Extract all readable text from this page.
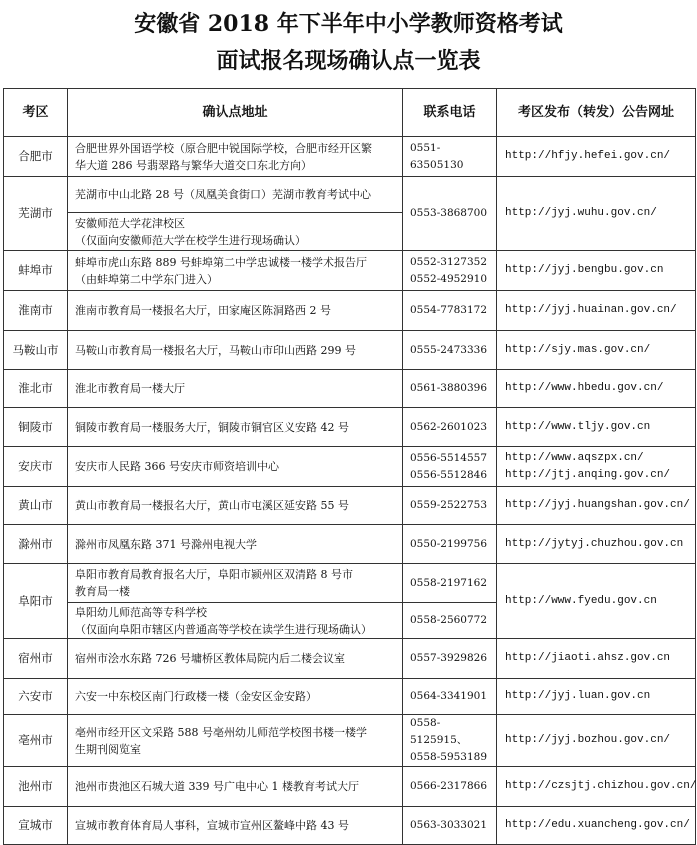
安徽省 2018 年下半年中小学教师资格考试
面试报名现场确认点一览表
考区	确认点地址	联系电话	考区发布（转发）公告网址
合肥市	合肥世界外国语学校（原合肥中锐国际学校，合肥市经开区繁
华大道 286 号翡翠路与繁华大道交口东北方向）	0551-63505130	http://hfjy.hefei.gov.cn/

芜湖市	芜湖市中山北路 28 号（凤凰美食街口）芜湖市教育考试中心	0553-3868700	http://jyj.wuhu.gov.cn/

	安徽师范大学花津校区
（仅面向安徽师范大学在校学生进行现场确认）		

蚌埠市	蚌埠市虎山东路 889 号蚌埠第二中学忠诚楼一楼学术报告厅
（由蚌埠第二中学东门进入）	0552-3127352
0552-4952910	http://jyj.bengbu.gov.cn

淮南市	淮南市教育局一楼报名大厅，田家庵区陈洞路西 2 号	0554-7783172	http://jyj.huainan.gov.cn/

马鞍山市	马鞍山市教育局一楼报名大厅，马鞍山市印山西路 299 号	0555-2473336	http://sjy.mas.gov.cn/

淮北市	淮北市教育局一楼大厅	0561-3880396	http://www.hbedu.gov.cn/

铜陵市	铜陵市教育局一楼服务大厅，铜陵市铜官区义安路 42 号	0562-2601023	http://www.tljy.gov.cn

安庆市	安庆市人民路 366 号安庆市师资培训中心	0556-5514557
0556-5512846	http://www.aqszpx.cn/
http://jtj.anqing.gov.cn/

黄山市	黄山市教育局一楼报名大厅，黄山市屯溪区延安路 55 号	0559-2522753	http://jyj.huangshan.gov.cn/

滁州市	滁州市凤凰东路 371 号滁州电视大学	0550-2199756	http://jytyj.chuzhou.gov.cn

阜阳市	阜阳市教育局教育报名大厅，阜阳市颍州区双清路 8 号市
教育局一楼	0558-2197162	http://www.fyedu.gov.cn

	阜阳幼儿师范高等专科学校
（仅面向阜阳市辖区内普通高等学校在读学生进行现场确认）	0558-2560772	

宿州市	宿州市浍水东路 726 号墉桥区教体局院内后二楼会议室	0557-3929826	http://jiaoti.ahsz.gov.cn

六安市	六安一中东校区南门行政楼一楼（金安区金安路）	0564-3341901	http://jyj.luan.gov.cn

亳州市	亳州市经开区文采路 588 号亳州幼儿师范学校图书楼一楼学
生期刊阅览室	0558-5125915、
0558-5953189	http://jyj.bozhou.gov.cn/

池州市	池州市贵池区石城大道 339 号广电中心 1 楼教育考试大厅	0566-2317866	http://czsjtj.chizhou.gov.cn/

宣城市	宣城市教育体育局人事科，宣城市宣州区鳌峰中路 43 号	0563-3033021	http://edu.xuancheng.gov.cn/
